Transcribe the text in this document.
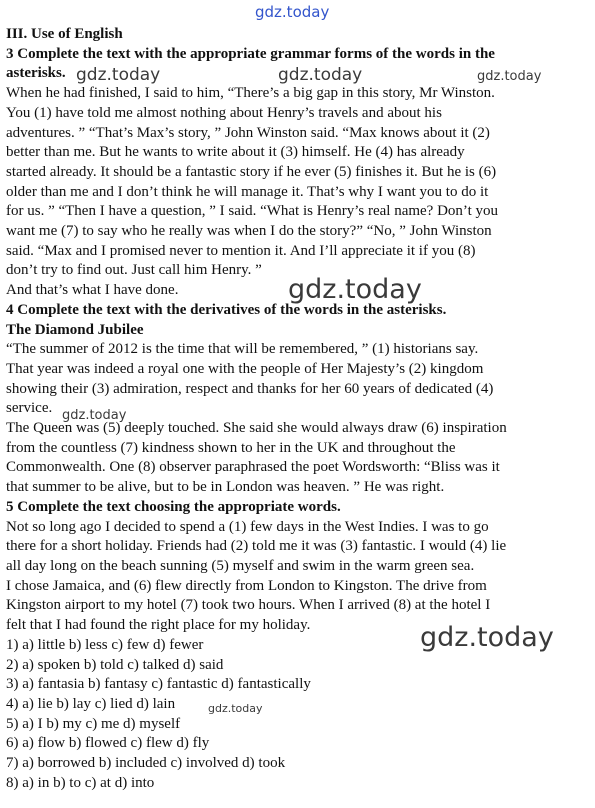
gdz.today
gdz.today	gdz.today	gdz.today
gdz.today
gdz.today
gdz.today
gdz.today

III. Use of English

3 Complete the text with the appropriate grammar forms of the words in the

asterisks.

When he had finished, I said to him, “There’s a big gap in this story, Mr Winston.

You (1) have told me almost nothing about Henry’s travels and about his

adventures. ” “That’s Max’s story, ” John Winston said. “Max knows about it (2)

better than me. But he wants to write about it (3) himself. He (4) has already

started already. It should be a fantastic story if he ever (5) finishes it. But he is (6)

older than me and I don’t think he will manage it. That’s why I want you to do it

for us. ” “Then I have a question, ” I said. “What is Henry’s real name? Don’t you

want me (7) to say who he really was when I do the story?” “No, ” John Winston

said. “Max and I promised never to mention it. And I’ll appreciate it if you (8)

don’t try to find out. Just call him Henry. ”

And that’s what I have done.

4 Complete the text with the derivatives of the words in the asterisks.

The Diamond Jubilee

“The summer of 2012 is the time that will be remembered, ” (1) historians say.

That year was indeed a royal one with the people of Her Majesty’s (2) kingdom

showing their (3) admiration, respect and thanks for her 60 years of dedicated (4)

service.

The Queen was (5) deeply touched. She said she would always draw (6) inspiration

from the countless (7) kindness shown to her in the UK and throughout the

Commonwealth. One (8) observer paraphrased the poet Wordsworth: “Bliss was it

that summer to be alive, but to be in London was heaven. ” He was right.

5 Complete the text choosing the appropriate words.

Not so long ago I decided to spend a (1) few days in the West Indies. I was to go

there for a short holiday. Friends had (2) told me it was (3) fantastic. I would (4) lie

all day long on the beach sunning (5) myself and swim in the warm green sea.

I chose Jamaica, and (6) flew directly from London to Kingston. The drive from

Kingston airport to my hotel (7) took two hours. When I arrived (8) at the hotel I

felt that I had found the right place for my holiday.

1) a) little b) less c) few d) fewer

2) a) spoken b) told c) talked d) said

3) a) fantasia b) fantasy c) fantastic d) fantastically

4) a) lie b) lay c) lied d) lain

5) a) I b) my c) me d) myself

6) a) flow b) flowed c) flew d) fly

7) a) borrowed b) included c) involved d) took

8) a) in b) to c) at d) into
